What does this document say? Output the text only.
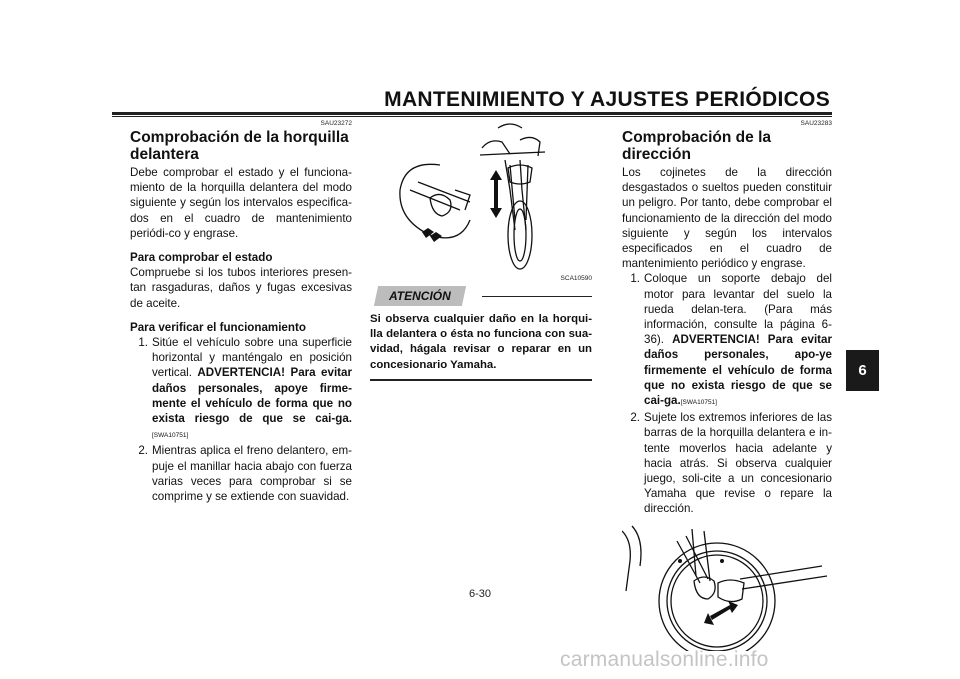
MANTENIMIENTO Y AJUSTES PERIÓDICOS
6
SAU23272
Comprobación de la horquilla delantera

Debe comprobar el estado y el funciona-miento de la horquilla delantera del modo siguiente y según los intervalos especifica-dos en el cuadro de mantenimiento periódi-co y engrase.

Para comprobar el estado

Compruebe si los tubos interiores presen-tan rasgaduras, daños y fugas excesivas de aceite.

Para verificar el funcionamiento
1. Sitúe el vehículo sobre una superficie horizontal y manténgalo en posición vertical. ADVERTENCIA! Para evitar daños personales, apoye firme-mente el vehículo de forma que no exista riesgo de que se cai-ga.[SWA10751]
2. Mientras aplica el freno delantero, em-puje el manillar hacia abajo con fuerza varias veces para comprobar si se comprime y se extiende con suavidad.
SCA10590
ATENCIÓN
Si observa cualquier daño en la horqui-lla delantera o ésta no funciona con sua-vidad, hágala revisar o reparar en un concesionario Yamaha.
SAU23283
Comprobación de la dirección

Los cojinetes de la dirección desgastados o sueltos pueden constituir un peligro. Por tanto, debe comprobar el funcionamiento de la dirección del modo siguiente y según los intervalos especificados en el cuadro de mantenimiento periódico y engrase.

1. Coloque un soporte debajo del motor para levantar del suelo la rueda delan-tera. (Para más información, consulte la página 6-36). ADVERTENCIA! Para evitar daños personales, apo-ye firmemente el vehículo de forma que no exista riesgo de que se cai-ga.[SWA10751]
2. Sujete los extremos inferiores de las barras de la horquilla delantera e in-tente moverlos hacia adelante y hacia atrás. Si observa cualquier juego, soli-cite a un concesionario Yamaha que revise o repare la dirección.
6-30
carmanualsonline.info
